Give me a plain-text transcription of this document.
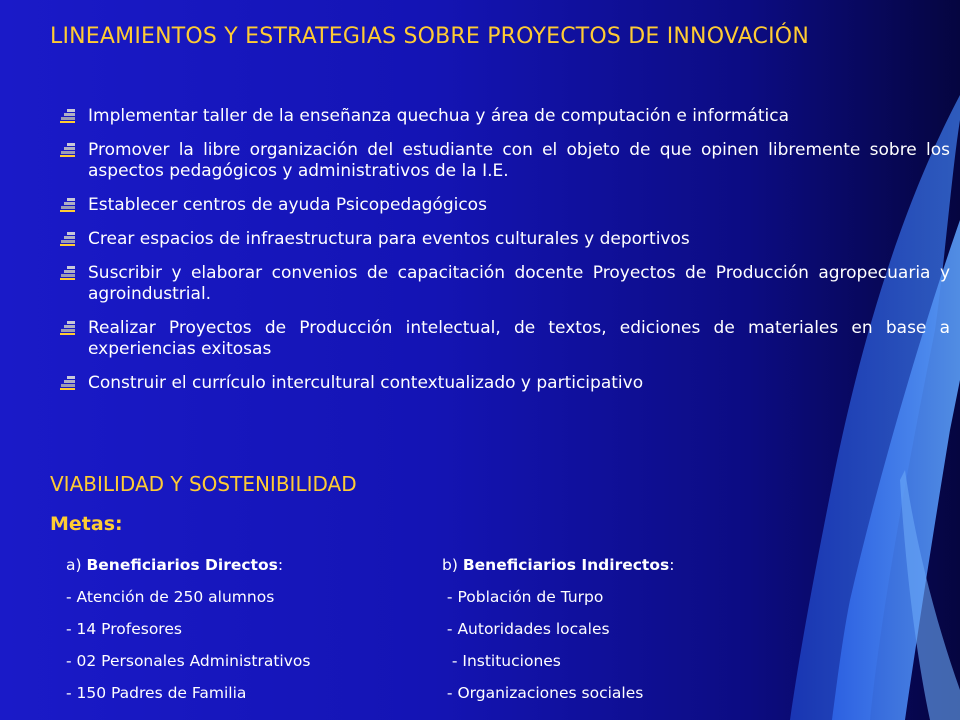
LINEAMIENTOS Y ESTRATEGIAS SOBRE PROYECTOS DE INNOVACIÓN
Implementar taller de la enseñanza quechua y área de computación e informática
Promover la libre organización del estudiante con el objeto de que opinen libremente sobre los aspectos pedagógicos y administrativos de la I.E.
Establecer centros de ayuda Psicopedagógicos
Crear espacios de infraestructura para eventos culturales y deportivos
Suscribir y elaborar convenios de capacitación docente Proyectos de Producción agropecuaria y agroindustrial.
Realizar Proyectos de Producción intelectual, de textos, ediciones de materiales en base a experiencias exitosas
Construir el currículo intercultural contextualizado y participativo
VIABILIDAD Y SOSTENIBILIDAD
Metas:
a) Beneficiarios Directos:
- Atención de 250 alumnos
- 14 Profesores
- 02 Personales Administrativos
- 150 Padres de Familia
b) Beneficiarios Indirectos:
- Población de Turpo
- Autoridades locales
- Instituciones
- Organizaciones sociales
